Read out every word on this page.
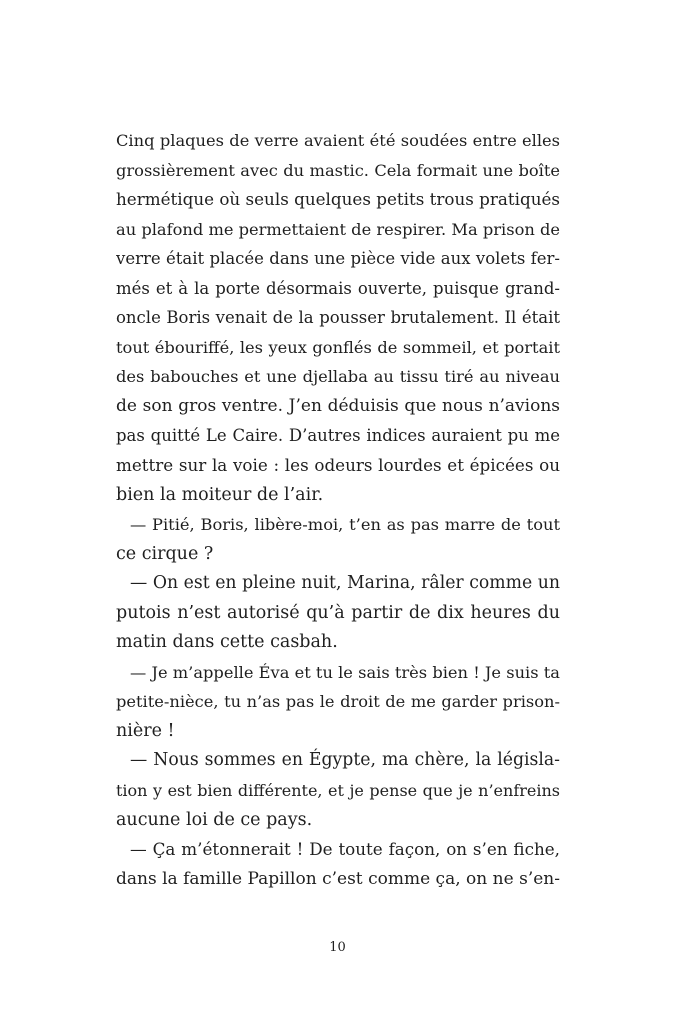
Cinq plaques de verre avaient été soudées entre elles
grossièrement avec du mastic. Cela formait une boîte
hermétique où seuls quelques petits trous pratiqués
au plafond me permettaient de respirer. Ma prison de
verre était placée dans une pièce vide aux volets fer-
més et à la porte désormais ouverte, puisque grand-
oncle Boris venait de la pousser brutalement. Il était
tout ébouriffé, les yeux gonflés de sommeil, et portait
des babouches et une djellaba au tissu tiré au niveau
de son gros ventre. J’en déduisis que nous n’avions
pas quitté Le Caire. D’autres indices auraient pu me
mettre sur la voie : les odeurs lourdes et épicées ou
bien la moiteur de l’air.
— Pitié, Boris, libère-moi, t’en as pas marre de tout
ce cirque ?
— On est en pleine nuit, Marina, râler comme un
putois n’est autorisé qu’à partir de dix heures du
matin dans cette casbah.
— Je m’appelle Éva et tu le sais très bien ! Je suis ta
petite-nièce, tu n’as pas le droit de me garder prison-
nière !
— Nous sommes en Égypte, ma chère, la législa-
tion y est bien différente, et je pense que je n’enfreins
aucune loi de ce pays.
— Ça m’étonnerait ! De toute façon, on s’en fiche,
dans la famille Papillon c’est comme ça, on ne s’en-
10
